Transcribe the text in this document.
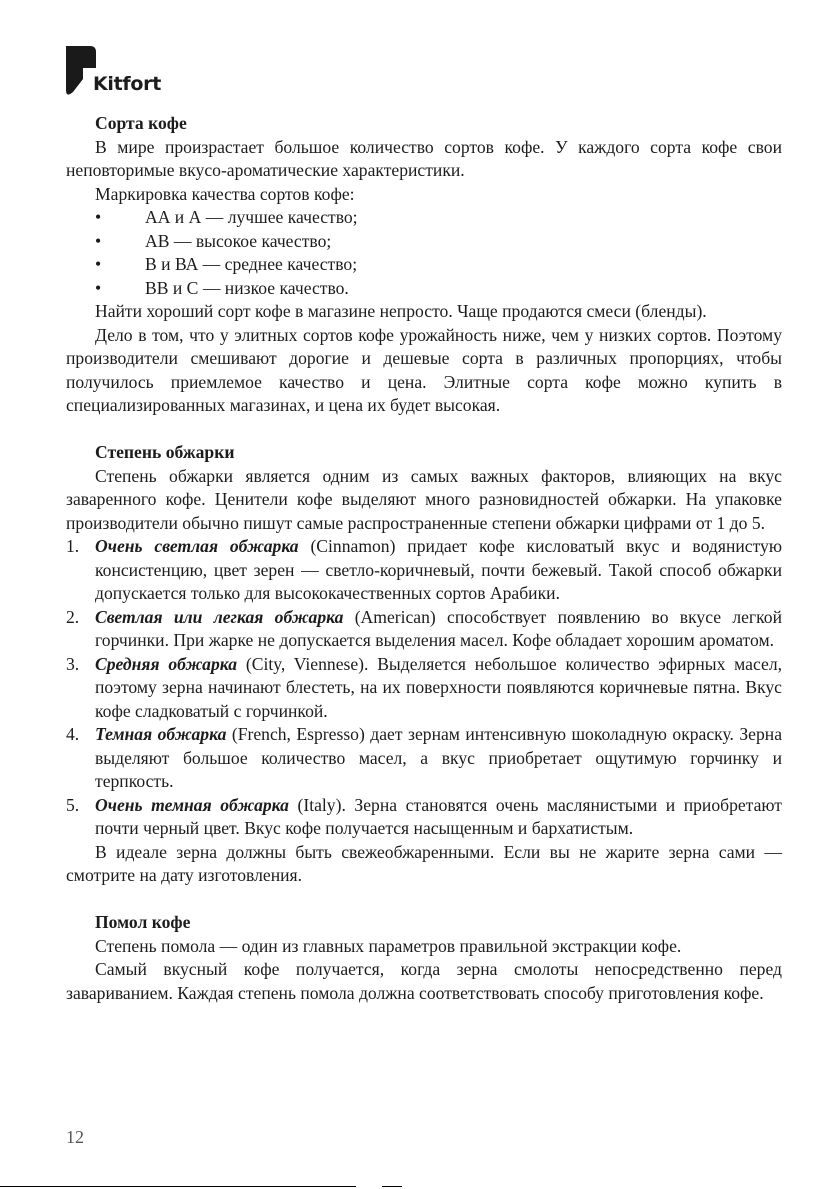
Kitfort

Сорта кофе

В мире произрастает большое количество сортов кофе. У каждого сорта кофе свои неповторимые вкусо-ароматические характеристики.

Маркировка качества сортов кофе:

• АА и А — лучшее качество;
• АВ — высокое качество;
• В и ВА — среднее качество;
• ВВ и С — низкое качество.

Найти хороший сорт кофе в магазине непросто. Чаще продаются смеси (бленды).

Дело в том, что у элитных сортов кофе урожайность ниже, чем у низких сортов. Поэтому производители смешивают дорогие и дешевые сорта в различных пропорциях, чтобы получилось приемлемое качество и цена. Элитные сорта кофе можно купить в специализированных магазинах, и цена их будет высокая.

Степень обжарки

Степень обжарки является одним из самых важных факторов, влияющих на вкус заваренного кофе. Ценители кофе выделяют много разновидностей обжарки. На упаковке производители обычно пишут самые распространенные степени обжарки цифрами от 1 до 5.

1. Очень светлая обжарка (Cinnamon) придает кофе кисловатый вкус и водянистую консистенцию, цвет зерен — светло-коричневый, почти бежевый. Такой способ обжарки допускается только для высококачественных сортов Арабики.
2. Светлая или легкая обжарка (American) способствует появлению во вкусе легкой горчинки. При жарке не допускается выделения масел. Кофе обладает хорошим ароматом.
3. Средняя обжарка (City, Viennese). Выделяется небольшое количество эфирных масел, поэтому зерна начинают блестеть, на их поверхности появляются коричневые пятна. Вкус кофе сладковатый с горчинкой.
4. Темная обжарка (French, Espresso) дает зернам интенсивную шоколадную окраску. Зерна выделяют большое количество масел, а вкус приобретает ощутимую горчинку и терпкость.
5. Очень темная обжарка (Italy). Зерна становятся очень маслянистыми и приобретают почти черный цвет. Вкус кофе получается насыщенным и бархатистым.

В идеале зерна должны быть свежеобжаренными. Если вы не жарите зерна сами — смотрите на дату изготовления.

Помол кофе

Степень помола — один из главных параметров правильной экстракции кофе.

Самый вкусный кофе получается, когда зерна смолоты непосредственно перед завариванием. Каждая степень помола должна соответствовать способу приготовления кофе.

12
